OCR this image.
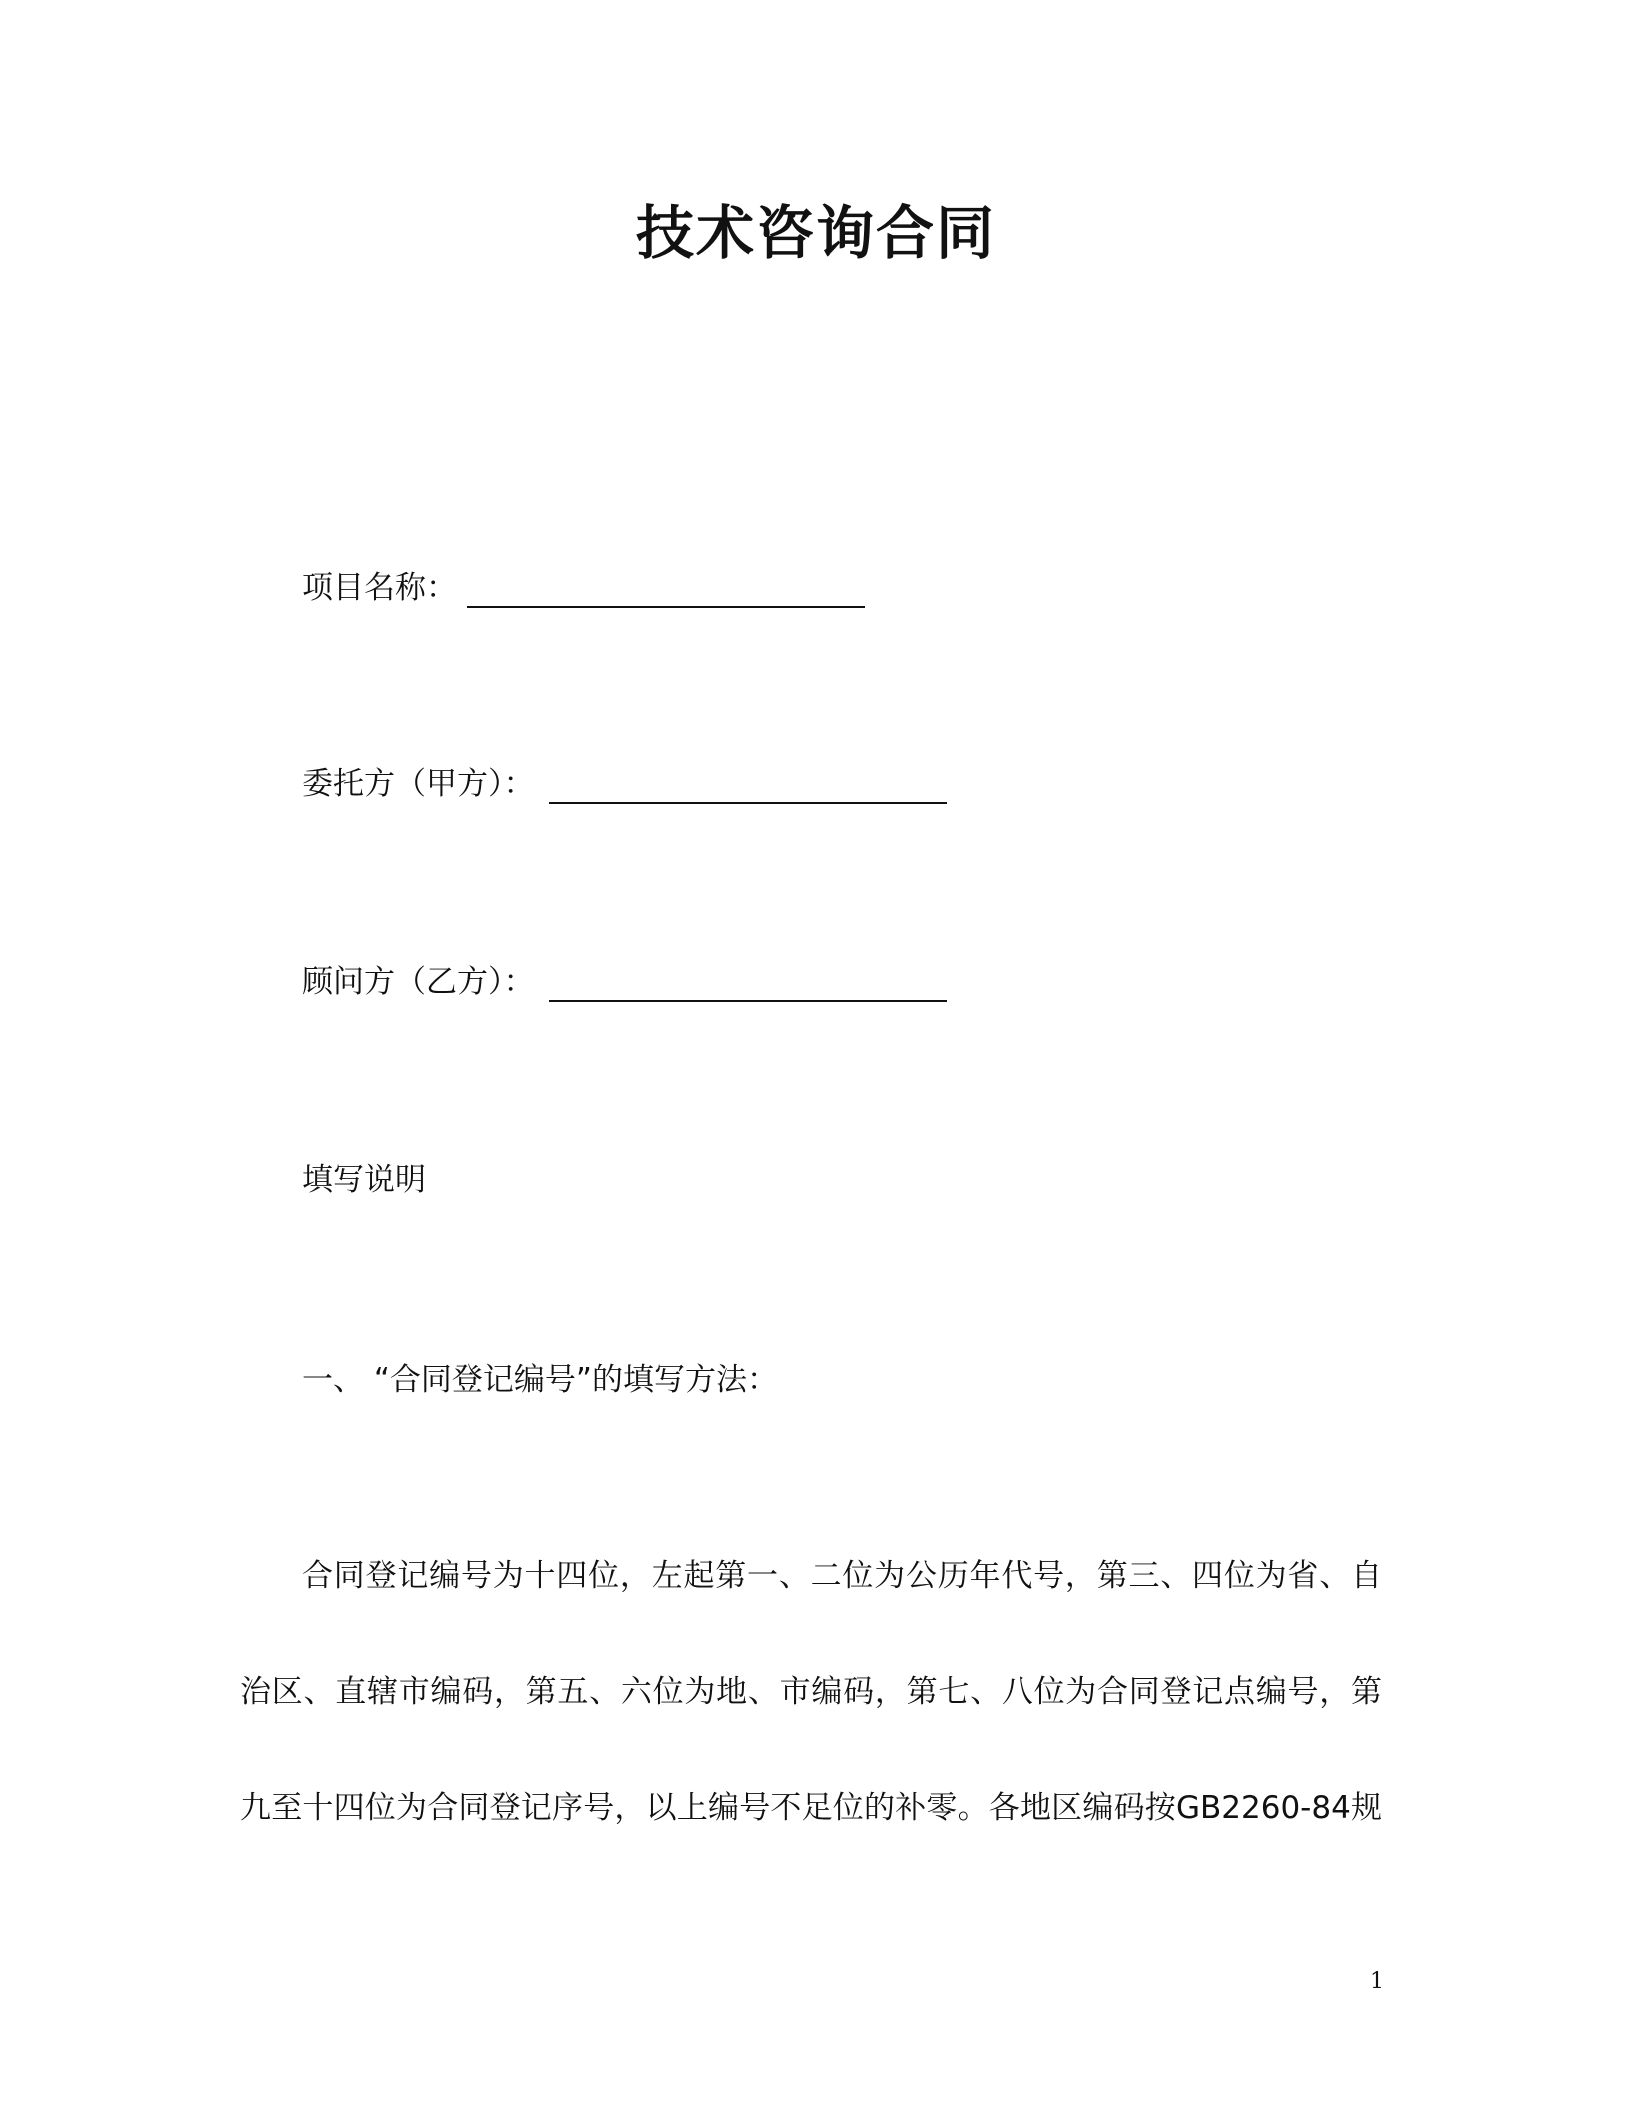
技术咨询合同
项目名称：
委托方（甲方）：
顾问方（乙方）：
填写说明
一、 “合同登记编号”的填写方法：
合同登记编号为十四位，左起第一、二位为公历年代号，第三、四位为省、自
治区、直辖市编码，第五、六位为地、市编码，第七、八位为合同登记点编号，第
九至十四位为合同登记序号，以上编号不足位的补零。各地区编码按GB2260-84规
1
